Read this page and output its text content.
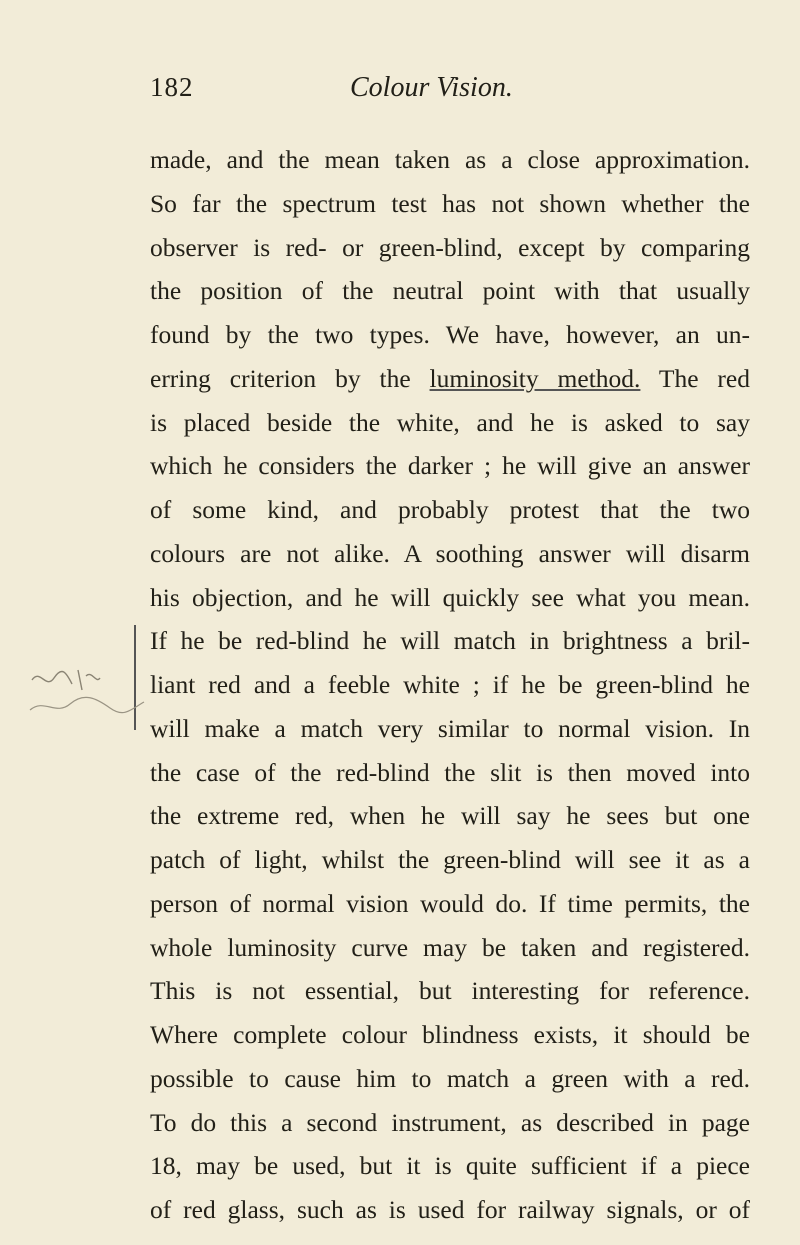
182	Colour Vision.
made, and the mean taken as a close approximation.
So far the spectrum test has not shown whether the
observer is red- or green-blind, except by comparing
the position of the neutral point with that usually
found by the two types. We have, however, an un-
erring criterion by the luminosity method. The red
is placed beside the white, and he is asked to say
which he considers the darker ; he will give an answer
of some kind, and probably protest that the two
colours are not alike. A soothing answer will disarm
his objection, and he will quickly see what you mean.
If he be red-blind he will match in brightness a bril-
liant red and a feeble white ; if he be green-blind he
will make a match very similar to normal vision. In
the case of the red-blind the slit is then moved into
the extreme red, when he will say he sees but one
patch of light, whilst the green-blind will see it as a
person of normal vision would do. If time permits, the
whole luminosity curve may be taken and registered.
This is not essential, but interesting for reference.
Where complete colour blindness exists, it should be
possible to cause him to match a green with a red.
To do this a second instrument, as described in page
18, may be used, but it is quite sufficient if a piece
of red glass, such as is used for railway signals, or of
